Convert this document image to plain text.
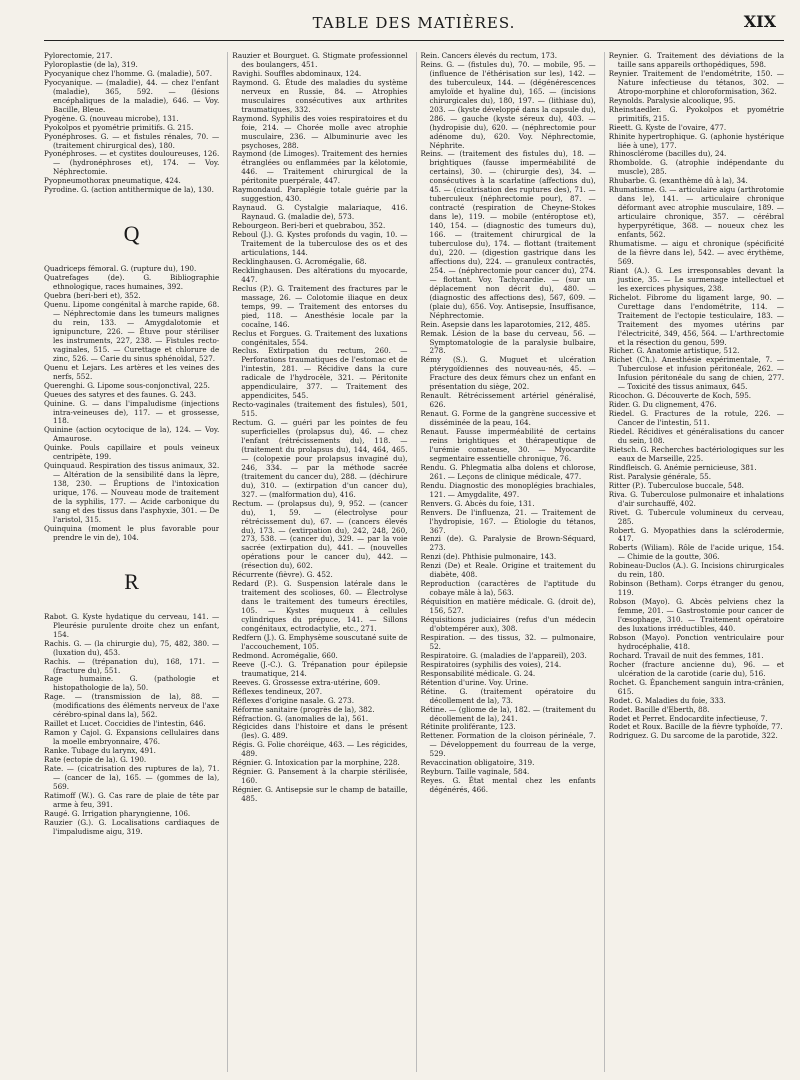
TABLE DES MATIÈRES.	XIX

Pylorectomie, 217.

Pyloroplastie (de la), 319.

Pyocyanique chez l'homme. G. (maladie), 507.

Pyocyanique. — (maladie), 44. — chez l'enfant (maladie), 365, 592. — (lésions encéphaliques de la maladie), 646. — Voy. Bacille, Bleue.

Pyogène. G. (nouveau microbe), 131.

Pyokolpos et pyométrie primitifs. G. 215.

Pyonéphroses. G. — et fistules rénales, 70. — (traitement chirurgical des), 180.

Pyonéphroses. — et cystites douloureuses, 126. — (hydronéphroses et), 174. — Voy. Néphrectomie.

Pyopneumothorax pneumatique, 424.

Pyrodine. G. (action antithermique de la), 130.

Q

Quadriceps fémoral. G. (rupture du), 190.

Quatrefages (de). G. Bibliographie ethnologique, races humaines, 392.

Quebra (beri-beri et), 352.

Quenu. Lipome congénital à marche rapide, 68. — Néphrectomie dans les tumeurs malignes du rein, 133. — Amygdalotomie et ignipuncture, 226. — Étuve pour stériliser les instruments, 227, 238. — Fistules recto-vaginales, 515. — Curettage et chlorure de zinc, 526. — Carie du sinus sphénoïdal, 527.

Quenu et Lejars. Les artères et les veines des nerfs, 552.

Querenghi. G. Lipome sous-conjonctival, 225.

Queues des satyres et des faunes. G. 243.

Quinine. G. — dans l'impaludisme (injections intra-veineuses de), 117. — et grossesse, 118.

Quinine (action ocytocique de la), 124. — Voy. Amaurose.

Quinke. Pouls capillaire et pouls veineux centripète, 199.

Quinquaud. Respiration des tissus animaux, 32. — Altération de la sensibilité dans la lèpre, 138, 230. — Éruptions de l'intoxication urique, 176. — Nouveau mode de traitement de la syphilis, 177. — Acide carbonique du sang et des tissus dans l'asphyxie, 301. — De l'aristol, 315.

Quinquina (moment le plus favorable pour prendre le vin de), 104.

R

Rabot. G. Kyste hydatique du cerveau, 141. — Pleurésie purulente droite chez un enfant, 154.

Rachis. G. — (la chirurgie du), 75, 482, 380. — (luxation du), 453.

Rachis. — (trépanation du), 168, 171. — (fracture du), 551.

Rage humaine. G. (pathologie et histopathologie de la), 50.

Rage. — (transmission de la), 88. — (modifications des éléments nerveux de l'axe cérébro-spinal dans la), 562.

Raillet et Lucet. Coccidies de l'intestin, 646.

Ramon y Cajol. G. Expansions cellulaires dans la moelle embryonnaire, 476.

Ranke. Tubage du larynx, 491.

Rate (ectopie de la). G. 190.

Rate. — (cicatrisation des ruptures de la), 71. — (cancer de la), 165. — (gommes de la), 569.

Ratimoff (W.). G. Cas rare de plaie de tête par arme à feu, 391.

Raugé. G. Irrigation pharyngienne, 106.

Rauzier (G.). G. Localisations cardiaques de l'impaludisme aigu, 319.

Rauzier et Bourguet. G. Stigmate professionnel des boulangers, 451.

Ravighi. Souffles abdominaux, 124.

Raymond. G. Étude des maladies du système nerveux en Russie, 84. — Atrophies musculaires consécutives aux arthrites traumatiques, 332.

Raymond. Syphilis des voies respiratoires et du foie, 214. — Chorée molle avec atrophie musculaire, 236. — Albuminurie avec les psychoses, 288.

Raymond (de Limoges). Traitement des hernies étranglées ou enflammées par la kélotomie, 446. — Traitement chirurgical de la péritonite puerpérale, 447.

Raymondaud. Paraplégie totale guérie par la suggestion, 430.

Raynaud. G. Cystalgie malariaque, 416. Raynaud. G. (maladie de), 573.

Rebourgeon. Beri-beri et quebrabou, 352.

Reboul (J.). G. Kystes profonds du vagin, 10. — Traitement de la tuberculose des os et des articulations, 144.

Recklinghausen. G. Acromégalie, 68.

Recklinghausen. Des altérations du myocarde, 447.

Reclus (P.). G. Traitement des fractures par le massage, 26. — Colotomie iliaque en deux temps, 99. — Traitement des entorses du pied, 118. — Anesthésie locale par la cocaïne, 146.

Reclus et Forgues. G. Traitement des luxations congénitales, 554.

Reclus. Extirpation du rectum, 260. — Perforations traumatiques de l'estomac et de l'intestin, 281. — Récidive dans la cure radicale de l'hydrocèle, 321. — Péritonite appendiculaire, 377. — Traitement des appendicites, 545.

Recto-vaginales (traitement des fistules), 501, 515.

Rectum. G. — guéri par les pointes de feu superficielles (prolapsus du), 46. — chez l'enfant (rétrécissements du), 118. — (traitement du prolapsus du), 144, 464, 465. — (colopexie pour prolapsus invaginé du), 246, 334. — par la méthode sacrée (traitement du cancer du), 288. — (déchirure du), 310. — (extirpation d'un cancer du), 327. — (malformation du), 416.

Rectum. — (prolapsus du), 9, 952. — (cancer du), 1, 59. — (électrolyse pour rétrécissement du), 67. — (cancers élevés du), 173. — (extirpation du), 242, 248, 260, 273, 538. — (cancer du), 329. — par la voie sacrée (extirpation du), 441. — (nouvelles opérations pour le cancer du), 442. — (résection du), 602.

Récurrente (fièvre). G. 452.

Redard (P.). G. Suspension latérale dans le traitement des scolioses, 60. — Électrolyse dans le traitement des tumeurs érectiles, 105. — Kystes muqueux à cellules cylindriques du prépuce, 141. — Sillons congénitaux, ectrodactylie, etc., 271.

Redfern (J.). G. Emphysème souscutané suite de l'accouchement, 105.

Redmond. Acromégalie, 660.

Reeve (J.-C.). G. Trépanation pour épilepsie traumatique, 214.

Reeves. G. Grossesse extra-utérine, 609.

Réflexes tendineux, 207.

Réflexes d'origine nasale. G. 273.

Réforme sanitaire (progrès de la), 382.

Réfraction. G. (anomalies de la), 561.

Régicides dans l'histoire et dans le présent (les). G. 489.

Régis. G. Folie choréique, 463. — Les régicides, 489.

Régnier. G. Intoxication par la morphine, 228.

Régnier. G. Pansement à la charpie stérilisée, 160.

Régnier. G. Antisepsie sur le champ de bataille, 485.

Rein. Cancers élevés du rectum, 173.

Reins. G. — (fistules du), 70. — mobile, 95. — (influence de l'éthérisation sur les), 142. — des tuberculeux, 144. — (dégénérescences amyloïde et hyaline du), 165. — (incisions chirurgicales du), 180, 197. — (lithiase du), 203. — (kyste développé dans la capsule du), 286. — gauche (kyste séreux du), 403. — (hydropisie du), 620. — (néphrectomie pour adénome du), 620. Voy. Néphrectomie, Néphrite.

Reins. — (traitement des fistules du), 18. — brightiques (fausse imperméabilité de certains), 30. — (chirurgie des), 34. — consécutives à la scarlatine (affections du), 45. — (cicatrisation des ruptures des), 71. — tuberculeux (néphrectomie pour), 87. — contracté (respiration de Cheyne-Stokes dans le), 119. — mobile (entéroptose et), 140, 154. — (diagnostic des tumeurs du), 166. — (traitement chirurgical de la tuberculose du), 174. — flottant (traitement du), 220. — (digestion gastrique dans les affections du), 224. — granuleux contractés, 254. — (néphrectomie pour cancer du), 274. — flottant. Voy. Tachycardie. — (sur un déplacement non décrit du), 480. — (diagnostic des affections des), 567, 609. — (plaie du), 656. Voy. Antisepsie, Insuffisance, Néphrectomie.

Rein. Asepsie dans les laparotomies, 212, 485.

Remak. Lésion de la base du cerveau, 56. — Symptomatologie de la paralysie bulbaire, 278.

Rémy (S.). G. Muguet et ulcération ptérygoïdiennes des nouveau-nés, 45. — Fracture des deux fémurs chez un enfant en présentation du siège, 202.

Renault. Rétrécissement artériel généralisé, 626.

Renaut. G. Forme de la gangrène successive et disséminée de la peau, 164.

Renaut. Fausse imperméabilité de certains reins brightiques et thérapeutique de l'urémie comateuse, 30. — Myocardite segmentaire essentielle chronique, 76.

Rendu. G. Phlegmatia alba dolens et chlorose, 261. — Leçons de clinique médicale, 477.

Rendu. Diagnostic des monoplégies brachiales, 121. — Amygdalite, 497.

Renvers. G. Abcès du foie, 131.

Renvers. De l'influenza, 21. — Traitement de l'hydropisie, 167. — Étiologie du tétanos, 367.

Renzi (de). G. Paralysie de Brown-Séquard, 273.

Renzi (de). Phthisie pulmonaire, 143.

Renzi (De) et Reale. Origine et traitement du diabète, 408.

Reproduction (caractères de l'aptitude du cobaye mâle à la), 563.

Réquisition en matière médicale. G. (droit de), 156, 527.

Réquisitions judiciaires (refus d'un médecin d'obtempérer aux), 308.

Respiration. — des tissus, 32. — pulmonaire, 52.

Respiratoire. G. (maladies de l'appareil), 203.

Respiratoires (syphilis des voies), 214.

Responsabilité médicale. G. 24.

Rétention d'urine. Voy. Urine.

Rétine. G. (traitement opératoire du décollement de la), 73.

Rétine. — (gliome de la), 182. — (traitement du décollement de la), 241.

Rétinite proliférante, 123.

Rettener. Formation de la cloison périnéale, 7. — Développement du fourreau de la verge, 529.

Revaccination obligatoire, 319.

Reyburn. Taille vaginale, 584.

Reyes. G. État mental chez les enfants dégénérés, 466.

Reynier. G. Traitement des déviations de la taille sans appareils orthopédiques, 598.

Reynier. Traitement de l'endométrite, 150. — Nature infectieuse du tétanos, 302. — Atropo-morphine et chloroformisation, 362.

Reynolds. Paralysie alcoolique, 95.

Rheinstaedler. G. Pyokolpos et pyométrie primitifs, 215.

Rieett. G. Kyste de l'ovaire, 477.

Rhinite hypertrophique. G. (aphonie hystérique liée à une), 177.

Rhinosclérome (bacilles du), 24.

Rhomboïde. G. (atrophie indépendante du muscle), 285.

Rhubarbe. G. (exanthème dû à la), 34.

Rhumatisme. G. — articulaire aigu (arthrotomie dans le), 141. — articulaire chronique déformant avec atrophie musculaire, 189. — articulaire chronique, 357. — cérébral hyperpyrétique, 368. — noueux chez les enfants, 562.

Rhumatisme. — aigu et chronique (spécificité de la fièvre dans le), 542. — avec érythème, 569.

Riant (A.). G. Les irresponsables devant la justice, 35. — Le surmenage intellectuel et les exercices physiques, 238.

Richelot. Fibrome du ligament large, 90. — Curettage dans l'endométrite, 114. — Traitement de l'ectopie testiculaire, 183. — Traitement des myomes utérins par l'électricité, 349, 456, 564. — L'arthrectomie et la résection du genou, 599.

Richer. G. Anatomie artistique, 512.

Richet (Ch.). Anesthésie expérimentale, 7. — Tuberculose et infusion péritonéale, 262. — Infusion péritonéale du sang de chien, 277. — Toxicité des tissus animaux, 645.

Ricochon. G. Découverte de Koch, 595.

Rider. G. Du clignement, 476.

Riedel. G. Fractures de la rotule, 226. — Cancer de l'intestin, 511.

Riedel. Récidives et généralisations du cancer du sein, 108.

Rietsch. G. Recherches bactériologiques sur les eaux de Marseille, 225.

Rindfleisch. G. Anémie pernicieuse, 381.

Rist. Paralysie générale, 55.

Ritter (P.). Tuberculose buccale, 548.

Riva. G. Tuberculose pulmonaire et inhalations d'air surchauffé, 402.

Rivet. G. Tubercule volumineux du cerveau, 285.

Robert. G. Myopathies dans la sclérodermie, 417.

Roberts (Wiliam). Rôle de l'acide urique, 154. — Chimie de la goutte, 306.

Robineau-Duclos (A.). G. Incisions chirurgicales du rein, 180.

Robinson (Betham). Corps étranger du genou, 119.

Robson (Mayo). G. Abcès pelviens chez la femme, 201. — Gastrostomie pour cancer de l'œsophage, 310. — Traitement opératoire des luxations irréductibles, 440.

Robson (Mayo). Ponction ventriculaire pour hydrocéphalie, 418.

Rochard. Travail de nuit des femmes, 181.

Rocher (fracture ancienne du), 96. — et ulcération de la carotide (carie du), 516.

Rochet. G. Épanchement sanguin intra-crânien, 615.

Rodet. G. Maladies du foie, 333.

Rodet. Bacille d'Eberth, 88.

Rodet et Perret. Endocardite infectieuse, 7.

Rodet et Roux. Bacille de la fièvre typhoïde, 77.

Rodriguez. G. Du sarcome de la parotide, 322.
